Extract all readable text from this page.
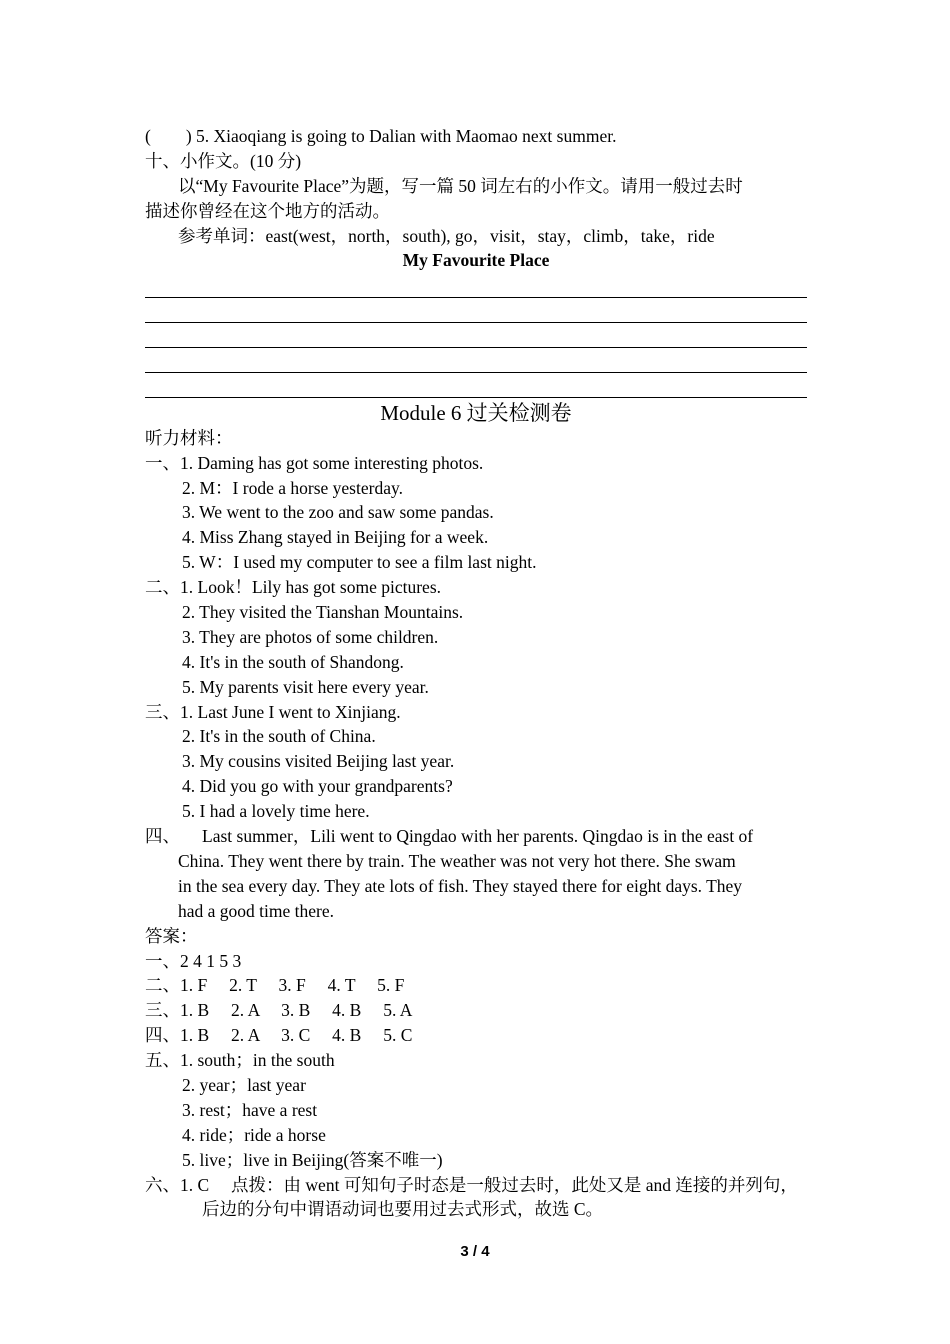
(　　) 5. Xiaoqiang is going to Dalian with Maomao next summer.
十、小作文。(10 分)
以“My Favourite Place”为题，写一篇 50 词左右的小作文。请用一般过去时
描述你曾经在这个地方的活动。
参考单词：east(west，north，south), go，visit，stay，climb，take，ride
My Favourite Place
Module 6 过关检测卷
听力材料：
一、1. Daming has got some interesting photos.
2. M：I rode a horse yesterday.
3. We went to the zoo and saw some pandas.
4. Miss Zhang stayed in Beijing for a week.
5. W：I used my computer to see a film last night.
二、1. Look！Lily has got some pictures.
2. They visited the Tianshan Mountains.
3. They are photos of some children.
4. It's in the south of Shandong.
5. My parents visit here every year.
三、1. Last June I went to Xinjiang.
2. It's in the south of China.
3. My cousins visited Beijing last year.
4. Did you go with your grandparents?
5. I had a lovely time here.
四、 Last summer，Lili went to Qingdao with her parents. Qingdao is in the east of
China. They went there by train. The weather was not very hot there. She swam
in the sea every day. They ate lots of fish. They stayed there for eight days. They
had a good time there.
答案：
一、2 4 1 5 3
二、1. F　 2. T　 3. F　 4. T　 5. F
三、1. B　 2. A　 3. B　 4. B　 5. A
四、1. B　 2. A　 3. C　 4. B　 5. C
五、1. south；in the south
2. year；last year
3. rest；have a rest
4. ride；ride a horse
5. live；live in Beijing(答案不唯一)
六、1. C　 点拨：由 went 可知句子时态是一般过去时，此处又是 and 连接的并列句，
后边的分句中谓语动词也要用过去式形式，故选 C。
3 / 4
